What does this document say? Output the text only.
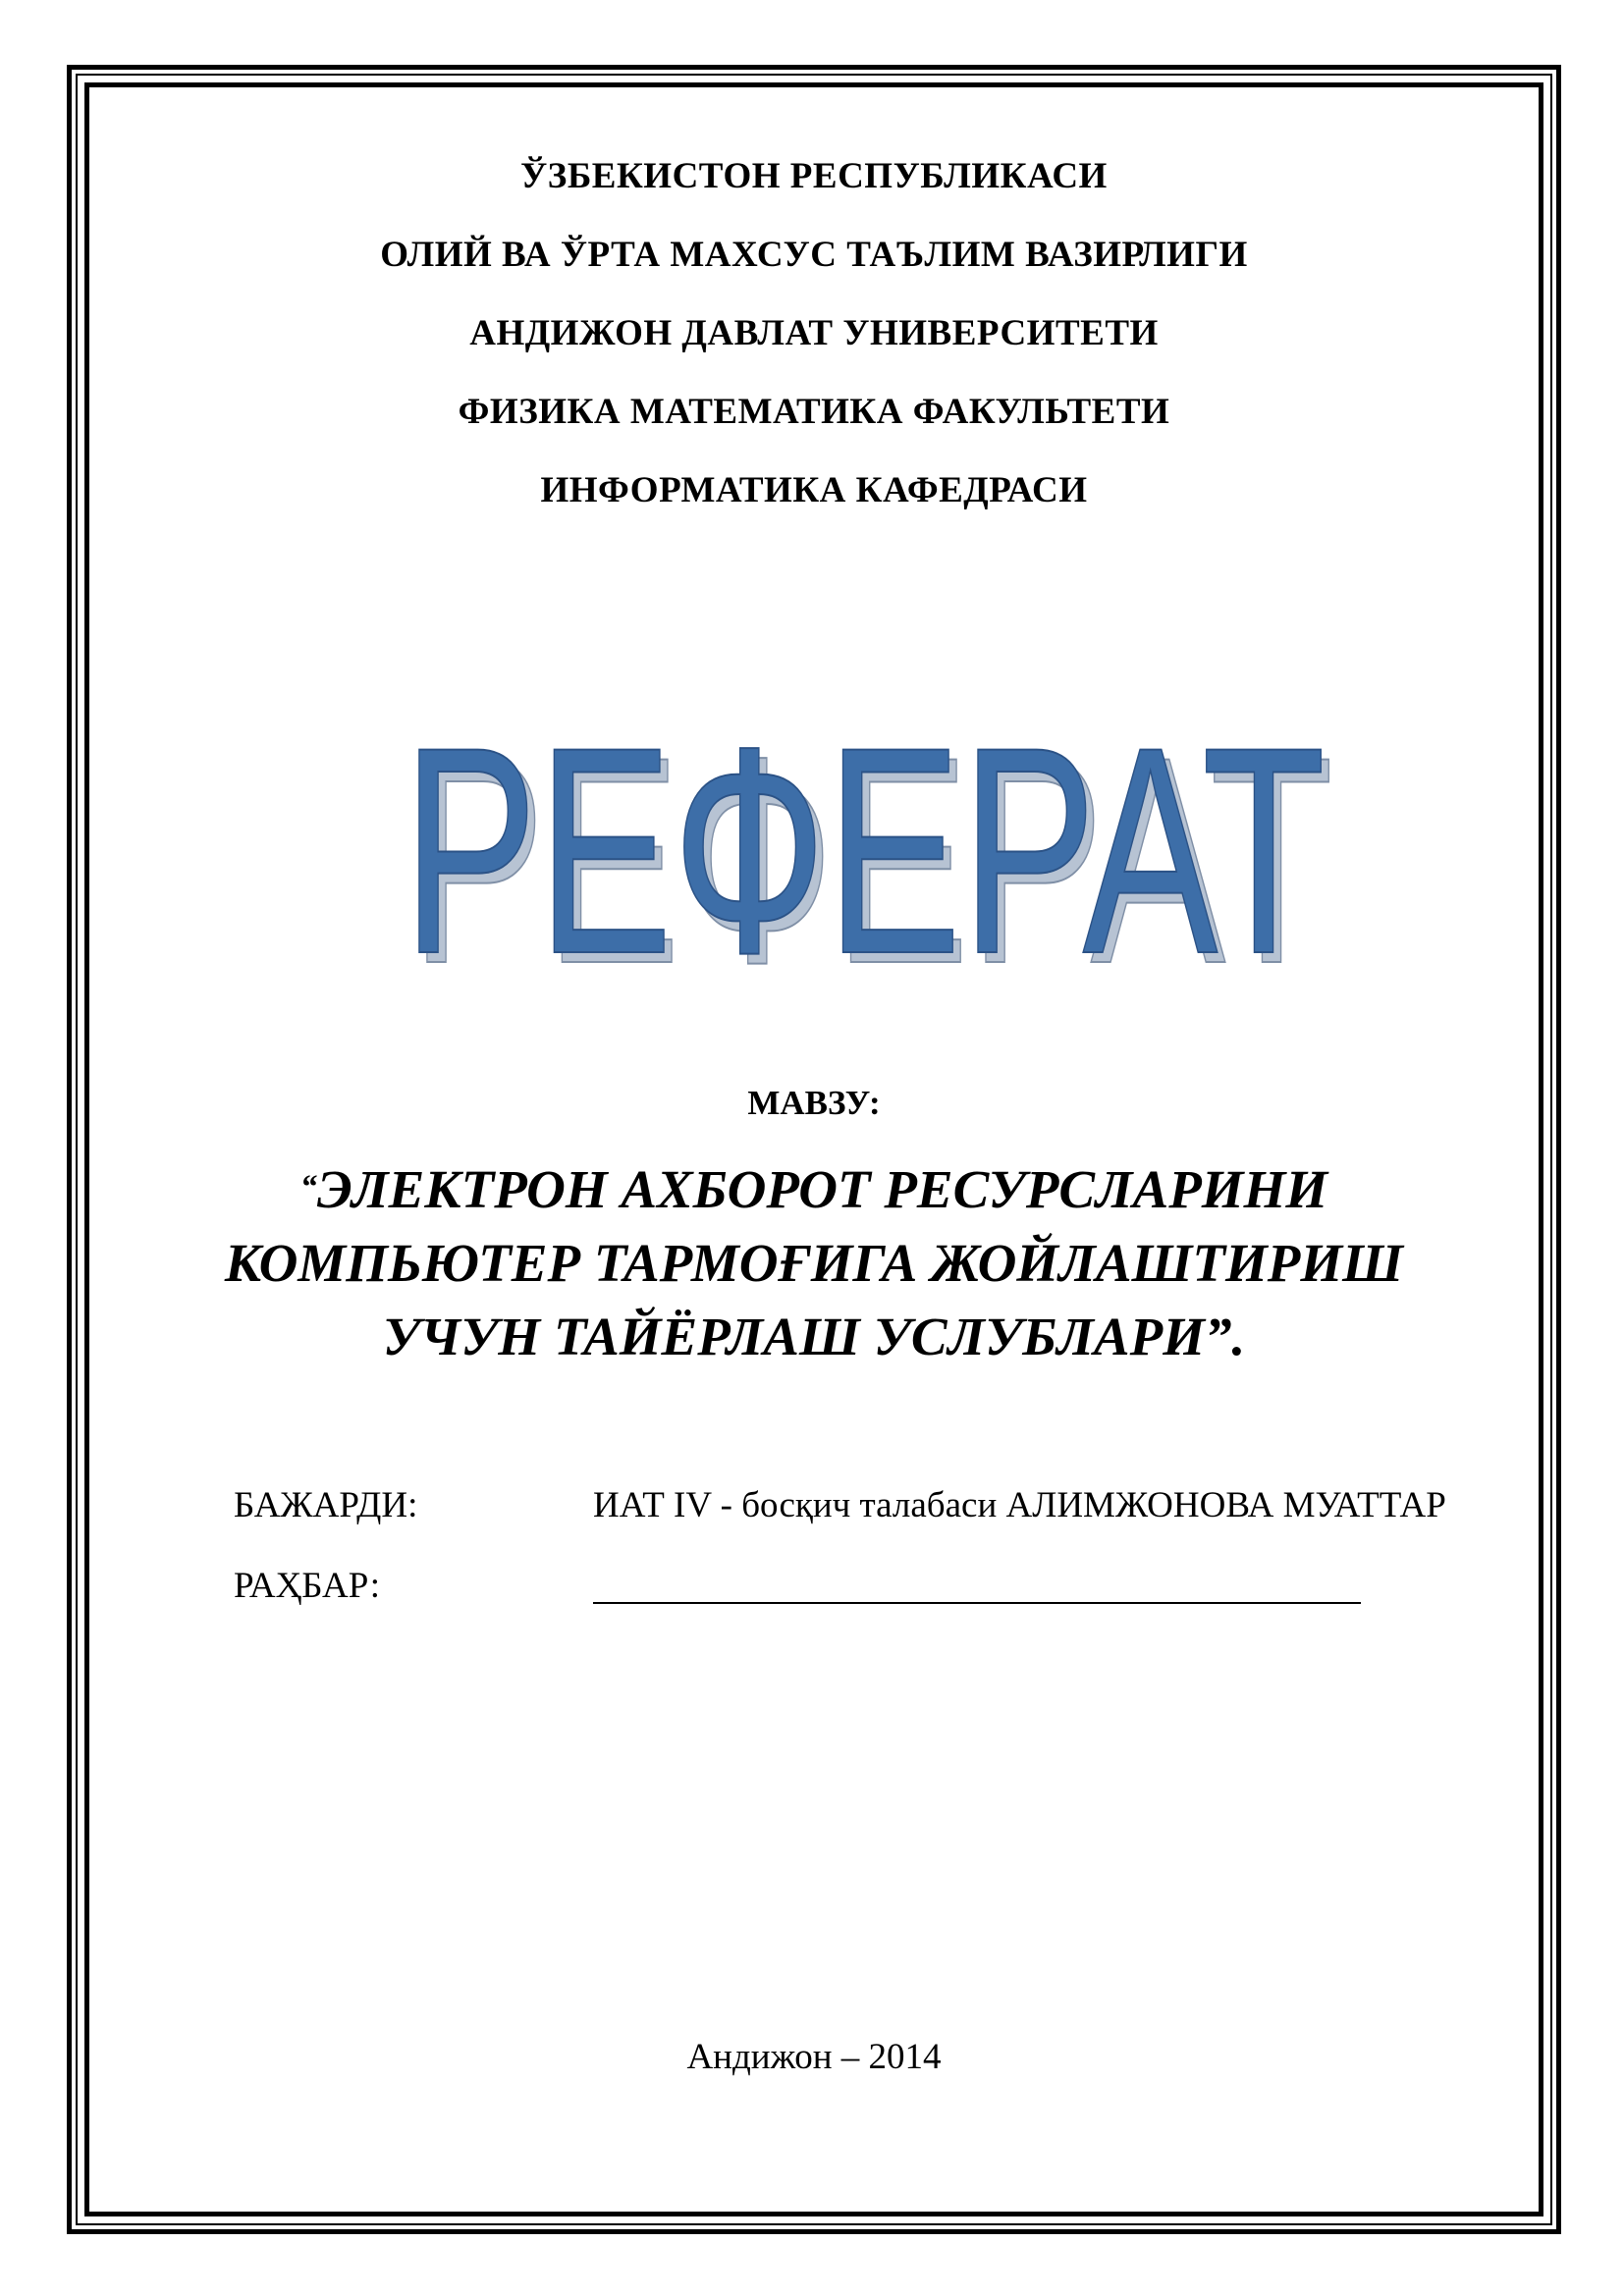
ЎЗБЕКИСТОН РЕСПУБЛИКАСИ
ОЛИЙ ВА ЎРТА МАХСУС ТАЪЛИМ ВАЗИРЛИГИ
АНДИЖОН ДАВЛАТ УНИВЕРСИТЕТИ
ФИЗИКА МАТЕМАТИКА ФАКУЛЬТЕТИ
ИНФОРМАТИКА КАФЕДРАСИ
РЕФЕРАТ
РЕФЕРАТ
МАВЗУ:
“ЭЛЕКТРОН АХБОРОТ РЕСУРСЛАРИНИ
КОМПЬЮТЕР ТАРМОҒИГА ЖОЙЛАШТИРИШ
УЧУН ТАЙЁРЛАШ УСЛУБЛАРИ”.
БАЖАРДИ:	ИАТ IV - босқич талабаси АЛИМЖОНОВА МУАТТАР
РАҲБАР:
Андижон – 2014
